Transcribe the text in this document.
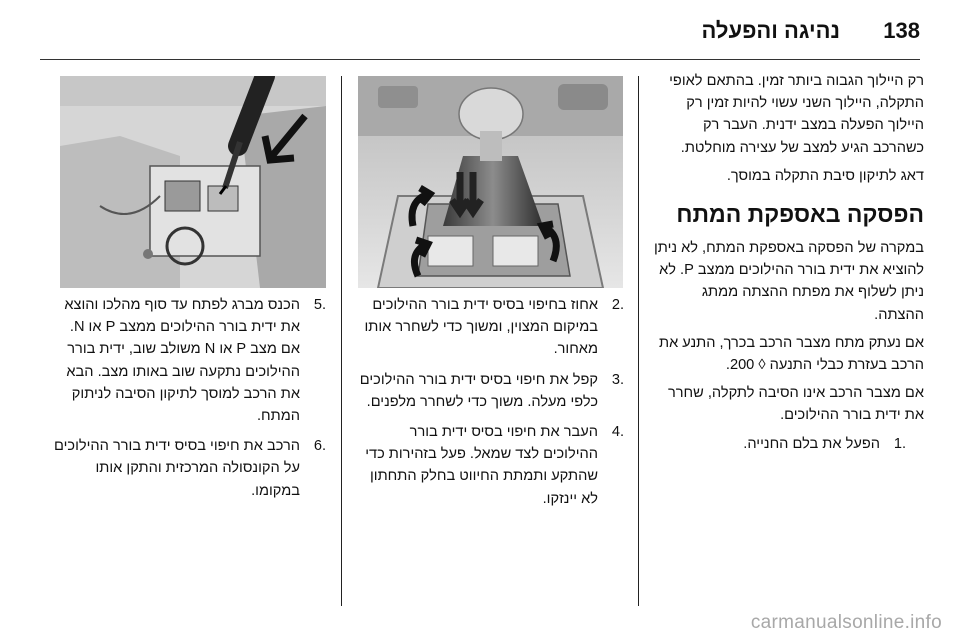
נהיגה והפעלה 138

רק היילוך הגבוה ביותר זמין. בהתאם לאופי התקלה, היילוך השני עשוי להיות זמין רק היילוך הפעלה במצב ידנית. העבר רק כשהרכב הגיע למצב של עצירה מוחלטת.

דאג לתיקון סיבת התקלה במוסך.

הפסקה באספקת המתח

במקרה של הפסקה באספקת המתח, לא ניתן להוציא את ידית בורר ההילוכים ממצב P. לא ניתן לשלוף את מפתח ההצתה ממתג ההצתה.

אם נעתק מתח מצבר הרכב בכרך, התנע את הרכב בעזרת כבלי התנעה ◊ 200.

אם מצבר הרכב אינו הסיבה לתקלה, שחרר את ידית בורר ההילוכים.

1.
הפעל את בלם החנייה.
2.
אחוז בחיפוי בסיס ידית בורר ההילוכים במיקום המצוין, ומשוך כדי לשחרר אותו מאחור.
3.
קפל את חיפוי בסיס ידית בורר ההילוכים כלפי מעלה. משוך כדי לשחרר מלפנים.
4.
העבר את חיפוי בסיס ידית בורר ההילוכים לצד שמאל. פעל בזהירות כדי שהתקע ותמתת החיווט בחלק התחתון לא יינזקו.
5.
הכנס מברג לפתח עד סוף מהלכו והוצא את ידית בורר ההילוכים ממצב P או N. אם מצב P או N משולב שוב, ידית בורר ההילוכים נתקעה שוב באותו מצב. הבא את הרכב למוסך לתיקון הסיבה לניתוק המתח.
6.
הרכב את חיפוי בסיס ידית בורר ההילוכים על הקונסולה המרכזית והתקן אותו במקומו.
carmanualsonline.info
